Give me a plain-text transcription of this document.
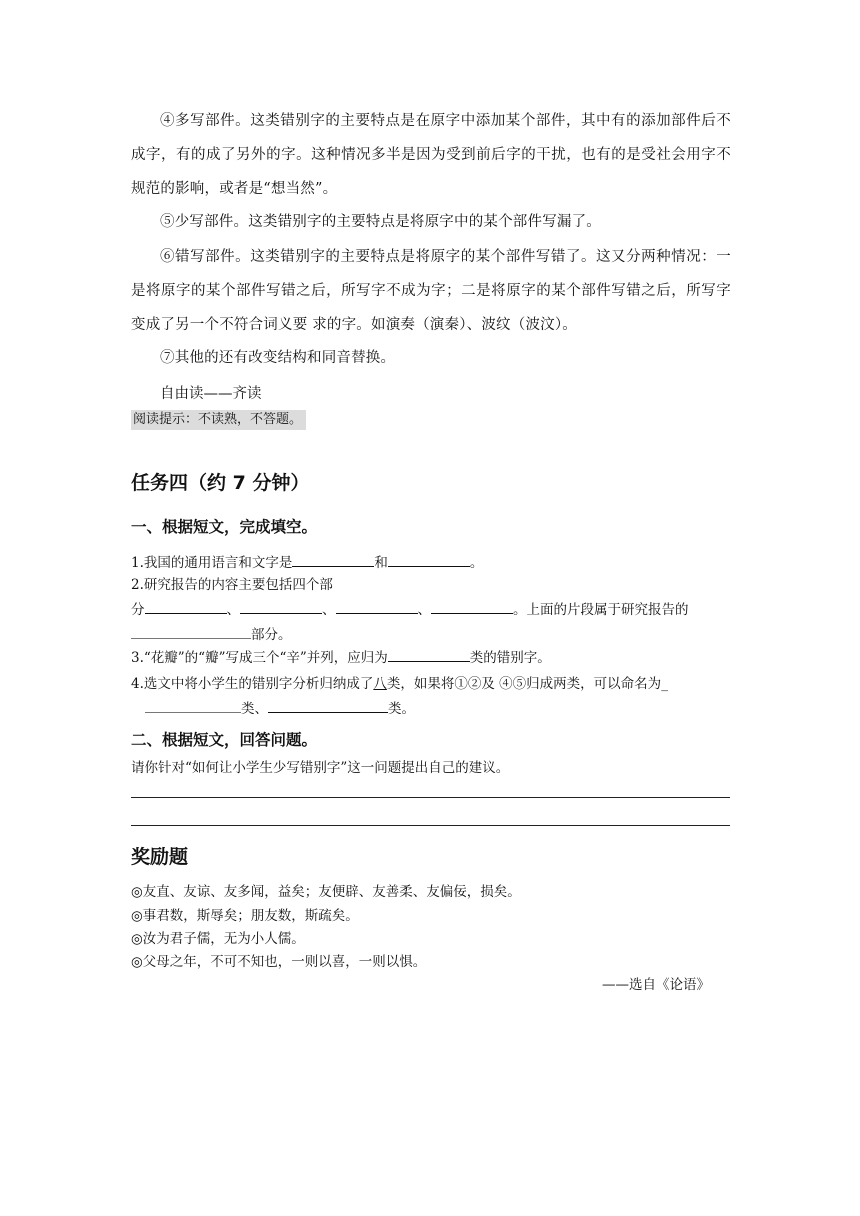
④多写部件。这类错别字的主要特点是在原字中添加某个部件，其中有的添加部件后不成字，有的成了另外的字。这种情况多半是因为受到前后字的干扰，也有的是受社会用字不规范的影响，或者是“想当然”。
⑤少写部件。这类错别字的主要特点是将原字中的某个部件写漏了。
⑥错写部件。这类错别字的主要特点是将原字的某个部件写错了。这又分两种情况：一是将原字的某个部件写错之后，所写字不成为字；二是将原字的某个部件写错之后，所写字变成了另一个不符合词义要 求的字。如演奏（演秦）、波纹（波汶）。
⑦其他的还有改变结构和同音替换。
自由读——齐读
阅读提示：不读熟，不答题。
任务四（约 7 分钟）
一、根据短文，完成填空。
1.我国的通用语言和文字是	和	。
2.研究报告的内容主要包括四个部
分	、	、	、	。上面的片段属于研究报告的
部分。
3.“花瓣”的“瓣”写成三个“辛”并列，应归为	类的错别字。
4.选文中将小学生的错别字分析归纳成了八类，如果将①②及 ④⑤归成两类，可以命名为_
类、	类。
二、根据短文，回答问题。
请你针对“如何让小学生少写错别字”这一问题提出自己的建议。
奖励题
◎友直、友谅、友多闻，益矣；友便辟、友善柔、友偏佞，损矣。
◎事君数，斯辱矣；朋友数，斯疏矣。
◎汝为君子儒，无为小人儒。
◎父母之年，不可不知也，一则以喜，一则以惧。
——选自《论语》
